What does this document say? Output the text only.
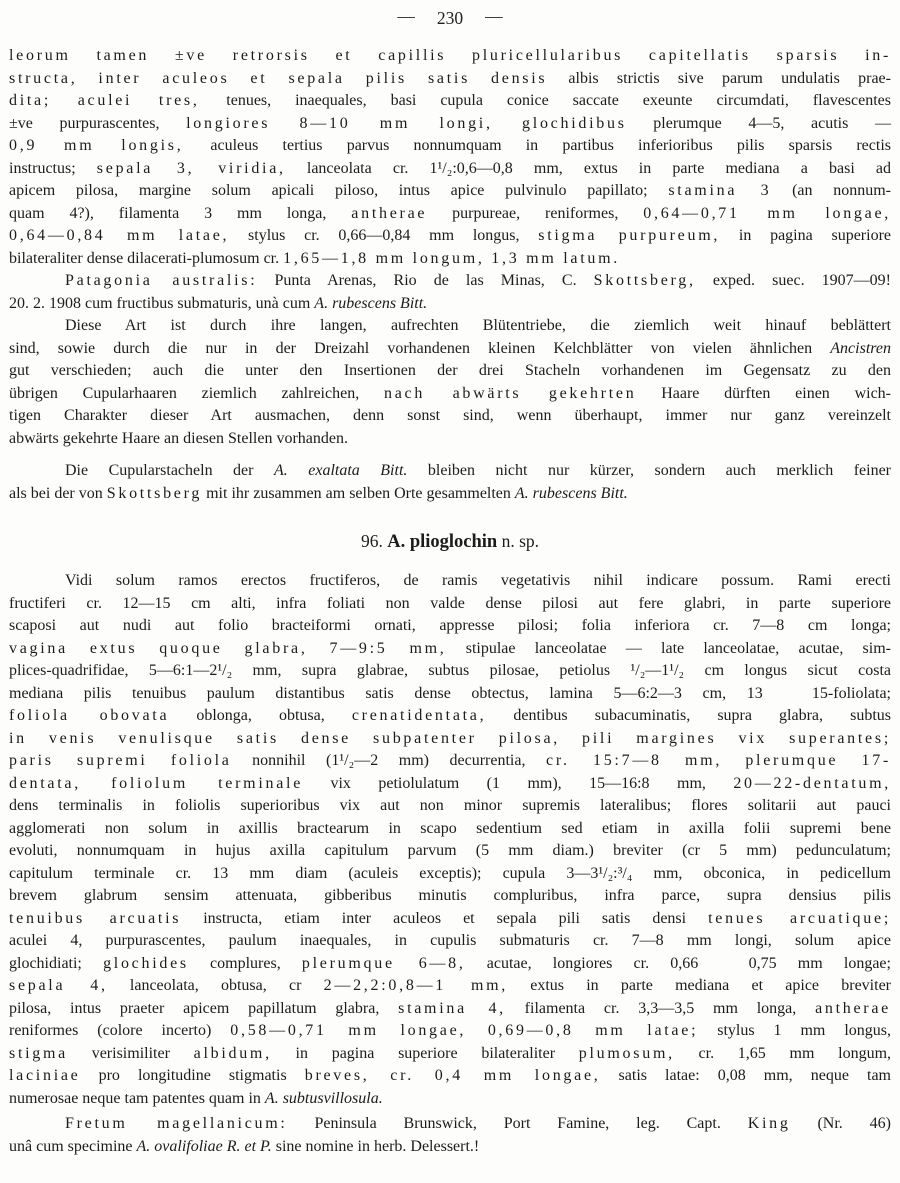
— 230 —
leorum tamen ±ve retrorsis et capillis pluricellularibus capitellatis sparsis in-
structa, inter aculeos et sepala pilis satis densis albis strictis sive parum undulatis prae-
dita; aculei tres, tenues, inaequales, basi cupula conice saccate exeunte circumdati, flavescentes
±ve purpurascentes, longiores 8—10 mm longi, glochidibus plerumque 4—5, acutis —
0,9 mm longis, aculeus tertius parvus nonnumquam in partibus inferioribus pilis sparsis rectis
instructus; sepala 3, viridia, lanceolata cr. 1¹/₂:0,6—0,8 mm, extus in parte mediana a basi ad
apicem pilosa, margine solum apicali piloso, intus apice pulvinulo papillato; stamina 3 (an nonnum-
quam 4?), filamenta 3 mm longa, antherae purpureae, reniformes, 0,64—0,71 mm longae,
0,64—0,84 mm latae, stylus cr. 0,66—0,84 mm longus, stigma purpureum, in pagina superiore
bilateraliter dense dilacerati-plumosum cr. 1,65—1,8 mm longum, 1,3 mm latum.
Patagonia australis: Punta Arenas, Rio de las Minas, C. Skottsberg, exped. suec. 1907—09!
20. 2. 1908 cum fructibus submaturis, unà cum A. rubescens Bitt.
Diese Art ist durch ihre langen, aufrechten Blütentriebe, die ziemlich weit hinauf beblättert
sind, sowie durch die nur in der Dreizahl vorhandenen kleinen Kelchblätter von vielen ähnlichen Ancistren
gut verschieden; auch die unter den Insertionen der drei Stacheln vorhandenen im Gegensatz zu den
übrigen Cupularhaaren ziemlich zahlreichen, nach abwärts gekehrten Haare dürften einen wich-
tigen Charakter dieser Art ausmachen, denn sonst sind, wenn überhaupt, immer nur ganz vereinzelt
abwärts gekehrte Haare an diesen Stellen vorhanden.
Die Cupularstacheln der A. exaltata Bitt. bleiben nicht nur kürzer, sondern auch merklich feiner
als bei der von Skottsberg mit ihr zusammen am selben Orte gesammelten A. rubescens Bitt.
96. A. plioglochin n. sp.
Vidi solum ramos erectos fructiferos, de ramis vegetativis nihil indicare possum. Rami erecti
fructiferi cr. 12—15 cm alti, infra foliati non valde dense pilosi aut fere glabri, in parte superiore
scaposi aut nudi aut folio bracteiformi ornati, appresse pilosi; folia inferiora cr. 7—8 cm longa;
vagina extus quoque glabra, 7—9:5 mm, stipulae lanceolatae — late lanceolatae, acutae, sim-
plices-quadrifidae, 5—6:1—2¹/₂ mm, supra glabrae, subtus pilosae, petiolus ¹/₂—1¹/₂ cm longus sicut costa
mediana pilis tenuibus paulum distantibus satis dense obtectus, lamina 5—6:2—3 cm, 13   15-foliolata;
foliola obovata oblonga, obtusa, crenatidentata, dentibus subacuminatis, supra glabra, subtus
in venis venulisque satis dense subpatenter pilosa, pili margines vix superantes;
paris supremi foliola nonnihil (1¹/₂—2 mm) decurrentia, cr. 15:7—8 mm, plerumque 17-
dentata, foliolum terminale vix petiolulatum (1 mm), 15—16:8 mm, 20—22-dentatum,
dens terminalis in foliolis superioribus vix aut non minor supremis lateralibus; flores solitarii aut pauci
agglomerati non solum in axillis bractearum in scapo sedentium sed etiam in axilla folii supremi bene
evoluti, nonnumquam in hujus axilla capitulum parvum (5 mm diam.) breviter (cr 5 mm) pedunculatum;
capitulum terminale cr. 13 mm diam (aculeis exceptis); cupula 3—3¹/₂:³/₄ mm, obconica, in pedicellum
brevem glabrum sensim attenuata, gibberibus minutis compluribus, infra parce, supra densius pilis
tenuibus arcuatis instructa, etiam inter aculeos et sepala pili satis densi tenues arcuatique;
aculei 4, purpurascentes, paulum inaequales, in cupulis submaturis cr. 7—8 mm longi, solum apice
glochidiati; glochides complures, plerumque 6—8, acutae, longiores cr. 0,66   0,75 mm longae;
sepala 4, lanceolata, obtusa, cr 2—2,2:0,8—1 mm, extus in parte mediana et apice breviter
pilosa, intus praeter apicem papillatum glabra, stamina 4, filamenta cr. 3,3—3,5 mm longa, antherae
reniformes (colore incerto) 0,58—0,71 mm longae, 0,69—0,8 mm latae; stylus 1 mm longus,
stigma verisimiliter albidum, in pagina superiore bilateraliter plumosum, cr. 1,65 mm longum,
laciniae pro longitudine stigmatis breves, cr. 0,4 mm longae, satis latae: 0,08 mm, neque tam
numerosae neque tam patentes quam in A. subtusvillosula.
Fretum magellanicum: Peninsula Brunswick, Port Famine, leg. Capt. King (Nr. 46)
unâ cum specimine A. ovalifoliae R. et P. sine nomine in herb. Delessert.!
